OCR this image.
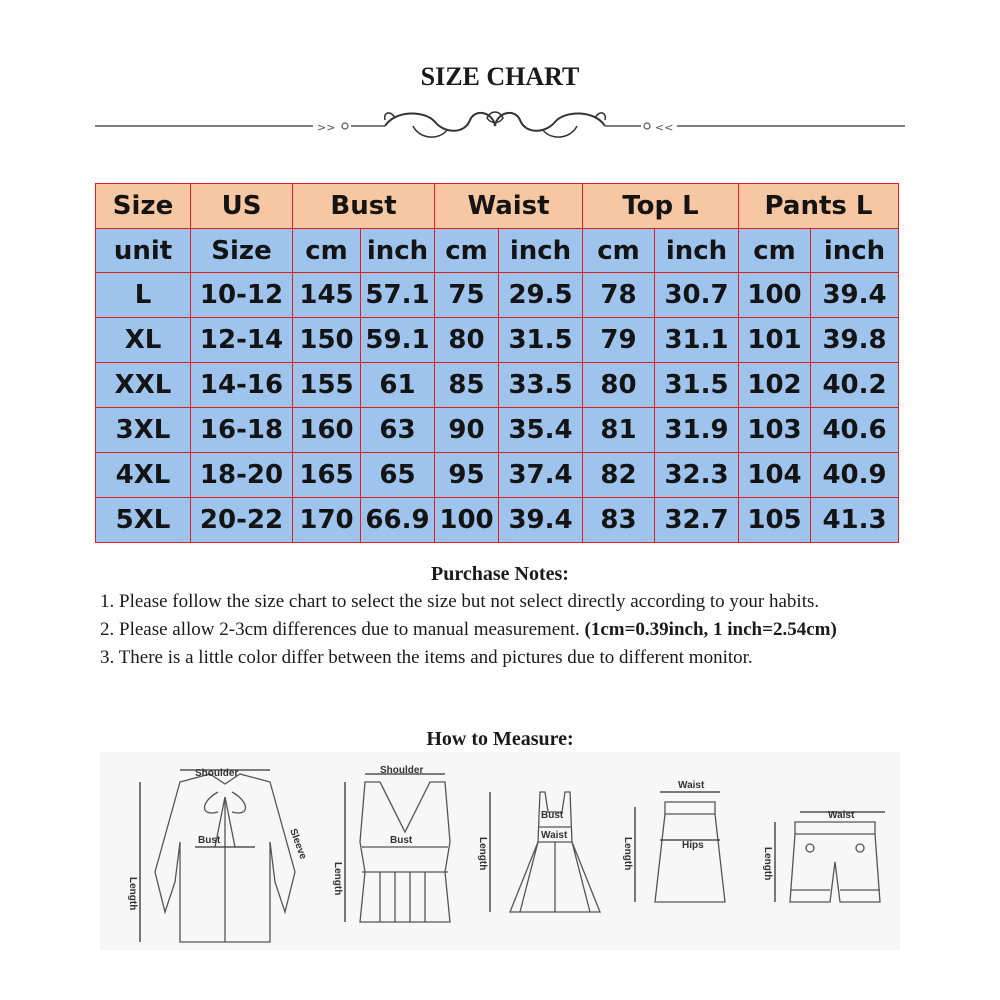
SIZE CHART
>>	<<
Size	US	Bust		Waist		Top L		Pants L	
unit	Size	cm	inch	cm	inch	cm	inch	cm	inch
L	10-12	145	57.1	75	29.5	78	30.7	100	39.4
XL	12-14	150	59.1	80	31.5	79	31.1	101	39.8
XXL	14-16	155	61	85	33.5	80	31.5	102	40.2
3XL	16-18	160	63	90	35.4	81	31.9	103	40.6
4XL	18-20	165	65	95	37.4	82	32.3	104	40.9
5XL	20-22	170	66.9	100	39.4	83	32.7	105	41.3
Purchase Notes:

1. Please follow the size chart to select the size but not select directly according to your habits.

2. Please allow 2-3cm differences due to manual measurement. (1cm=0.39inch, 1 inch=2.54cm)

3. There is a little color differ between the items and pictures due to different monitor.

How to Measure:
Shoulder
Bust
Length
Sleeve
Shoulder
Bust
Length
Bust
Waist
Length
Waist
Hips
Length
Waist
Length
